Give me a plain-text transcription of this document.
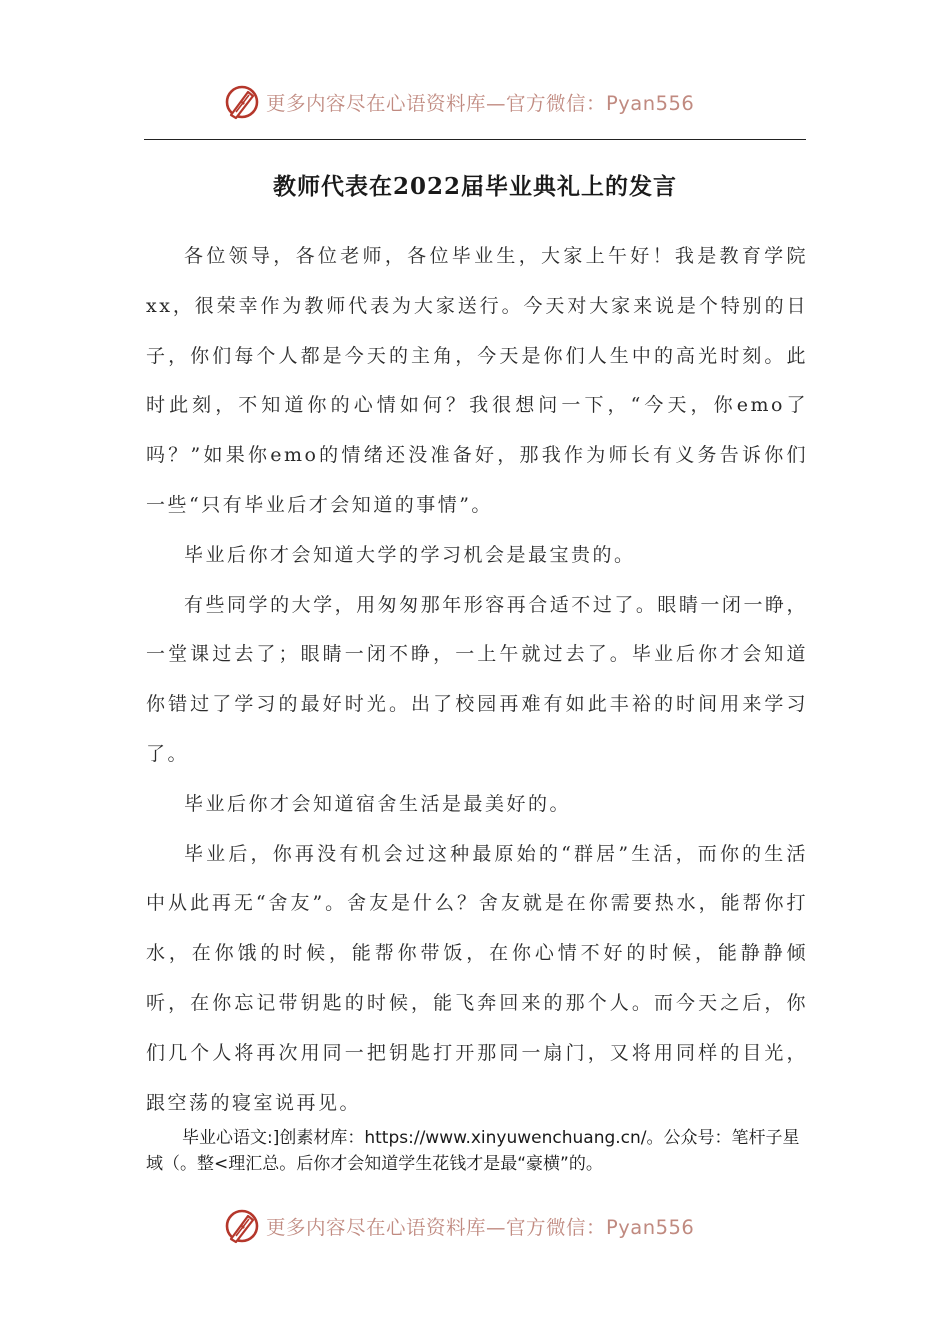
更多内容尽在心语资料库—官方微信：Pyan556
教师代表在2022届毕业典礼上的发言

各位领导，各位老师，各位毕业生，大家上午好！我是教育学院xx，很荣幸作为教师代表为大家送行。今天对大家来说是个特别的日子，你们每个人都是今天的主角，今天是你们人生中的高光时刻。此时此刻，不知道你的心情如何？我很想问一下，“今天，你emo了吗？”如果你emo的情绪还没准备好，那我作为师长有义务告诉你们一些“只有毕业后才会知道的事情”。

毕业后你才会知道大学的学习机会是最宝贵的。

有些同学的大学，用匆匆那年形容再合适不过了。眼睛一闭一睁，一堂课过去了；眼睛一闭不睁，一上午就过去了。毕业后你才会知道你错过了学习的最好时光。出了校园再难有如此丰裕的时间用来学习了。

毕业后你才会知道宿舍生活是最美好的。

毕业后，你再没有机会过这种最原始的“群居”生活，而你的生活中从此再无“舍友”。舍友是什么？舍友就是在你需要热水，能帮你打水，在你饿的时候，能帮你带饭，在你心情不好的时候，能静静倾听，在你忘记带钥匙的时候，能飞奔回来的那个人。而今天之后，你们几个人将再次用同一把钥匙打开那同一扇门，又将用同样的目光，跟空荡的寝室说再见。

毕业心语文:]创素材库：https://www.xinyuwenchuang.cn/。公众号：笔杆子星域（。整<理汇总。后你才会知道学生花钱才是最“豪横”的。

更多内容尽在心语资料库—官方微信：Pyan556
